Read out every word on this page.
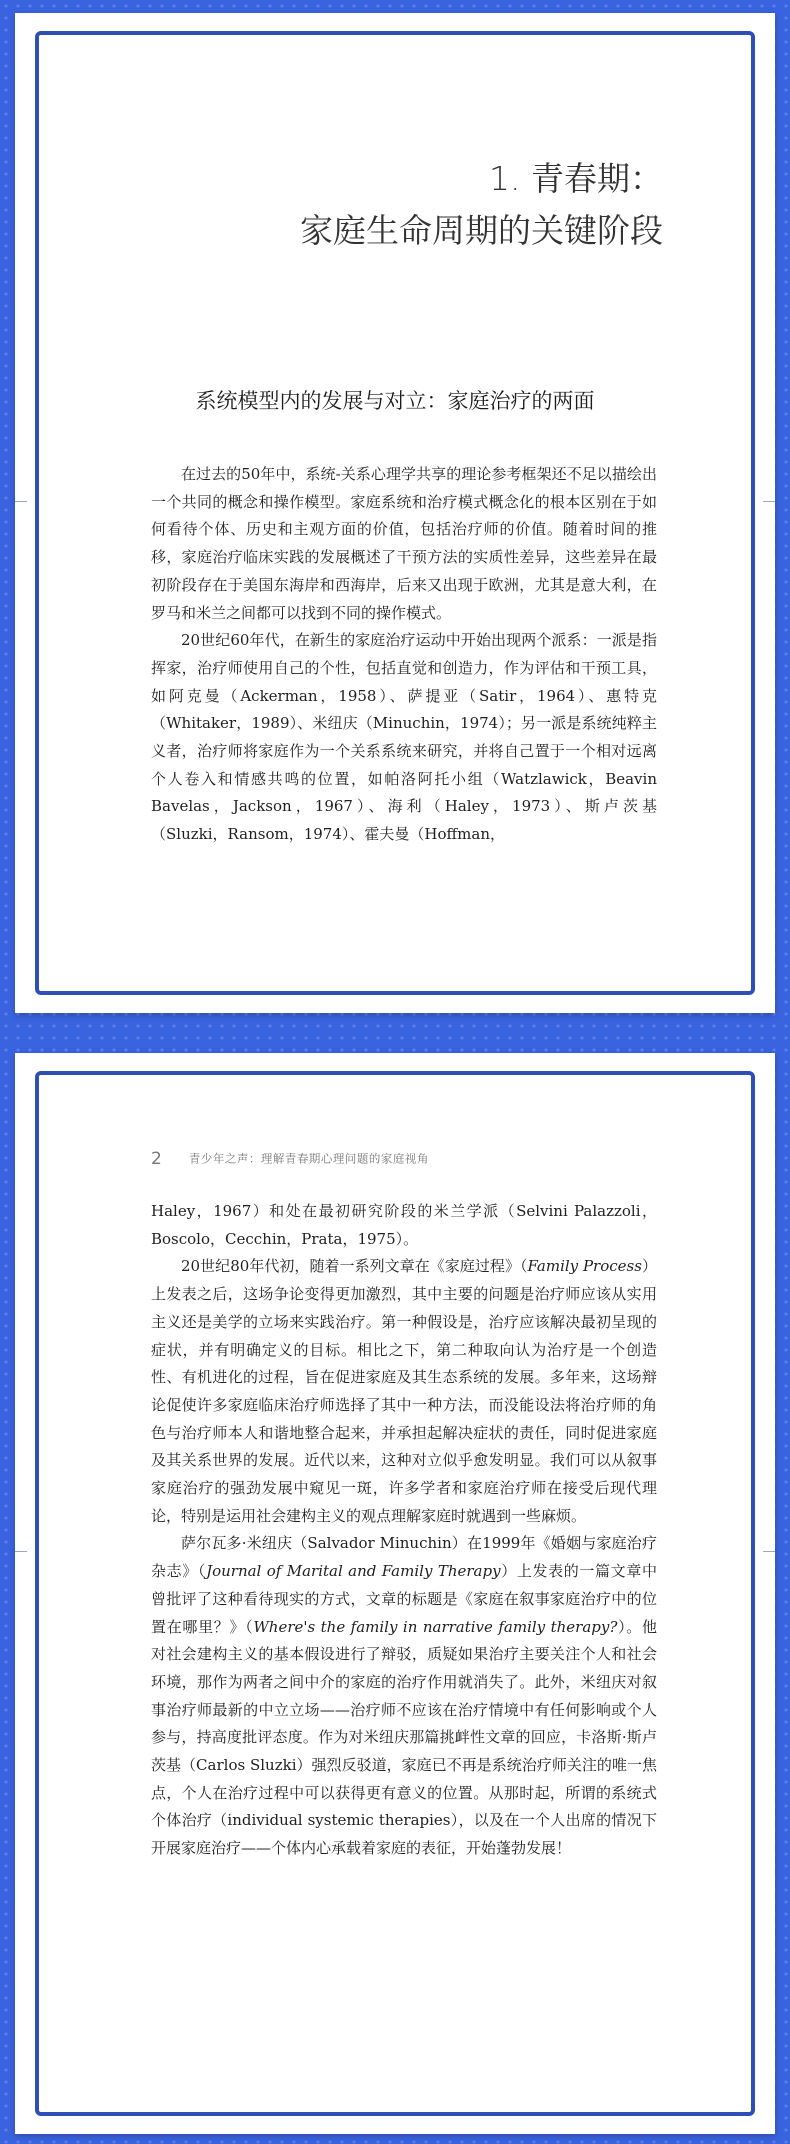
1. 青春期：
家庭生命周期的关键阶段
系统模型内的发展与对立：家庭治疗的两面

在过去的50年中，系统-关系心理学共享的理论参考框架还不足以描绘出一个共同的概念和操作模型。家庭系统和治疗模式概念化的根本区别在于如何看待个体、历史和主观方面的价值，包括治疗师的价值。随着时间的推移，家庭治疗临床实践的发展概述了干预方法的实质性差异，这些差异在最初阶段存在于美国东海岸和西海岸，后来又出现于欧洲，尤其是意大利，在罗马和米兰之间都可以找到不同的操作模式。

20世纪60年代，在新生的家庭治疗运动中开始出现两个派系：一派是指挥家，治疗师使用自己的个性，包括直觉和创造力，作为评估和干预工具，如阿克曼（Ackerman，1958）、萨提亚（Satir，1964）、惠特克（Whitaker，1989）、米纽庆（Minuchin，1974）；另一派是系统纯粹主义者，治疗师将家庭作为一个关系系统来研究，并将自己置于一个相对远离个人卷入和情感共鸣的位置，如帕洛阿托小组（Watzlawick，Beavin Bavelas，Jackson，1967）、海利（Haley，1973）、斯卢茨基（Sluzki，Ransom，1974）、霍夫曼（Hoffman，

2 青少年之声：理解青春期心理问题的家庭视角

Haley，1967）和处在最初研究阶段的米兰学派（Selvini Palazzoli，Boscolo，Cecchin，Prata，1975）。

20世纪80年代初，随着一系列文章在《家庭过程》（Family Process）上发表之后，这场争论变得更加激烈，其中主要的问题是治疗师应该从实用主义还是美学的立场来实践治疗。第一种假设是，治疗应该解决最初呈现的症状，并有明确定义的目标。相比之下，第二种取向认为治疗是一个创造性、有机进化的过程，旨在促进家庭及其生态系统的发展。多年来，这场辩论促使许多家庭临床治疗师选择了其中一种方法，而没能设法将治疗师的角色与治疗师本人和谐地整合起来，并承担起解决症状的责任，同时促进家庭及其关系世界的发展。近代以来，这种对立似乎愈发明显。我们可以从叙事家庭治疗的强劲发展中窥见一斑，许多学者和家庭治疗师在接受后现代理论，特别是运用社会建构主义的观点理解家庭时就遇到一些麻烦。

萨尔瓦多·米纽庆（Salvador Minuchin）在1999年《婚姻与家庭治疗杂志》（Journal of Marital and Family Therapy）上发表的一篇文章中曾批评了这种看待现实的方式，文章的标题是《家庭在叙事家庭治疗中的位置在哪里？》（Where's the family in narrative family therapy?）。他对社会建构主义的基本假设进行了辩驳，质疑如果治疗主要关注个人和社会环境，那作为两者之间中介的家庭的治疗作用就消失了。此外，米纽庆对叙事治疗师最新的中立立场——治疗师不应该在治疗情境中有任何影响或个人参与，持高度批评态度。作为对米纽庆那篇挑衅性文章的回应，卡洛斯·斯卢茨基（Carlos Sluzki）强烈反驳道，家庭已不再是系统治疗师关注的唯一焦点，个人在治疗过程中可以获得更有意义的位置。从那时起，所谓的系统式个体治疗（individual systemic therapies），以及在一个人出席的情况下开展家庭治疗——个体内心承载着家庭的表征，开始蓬勃发展！
